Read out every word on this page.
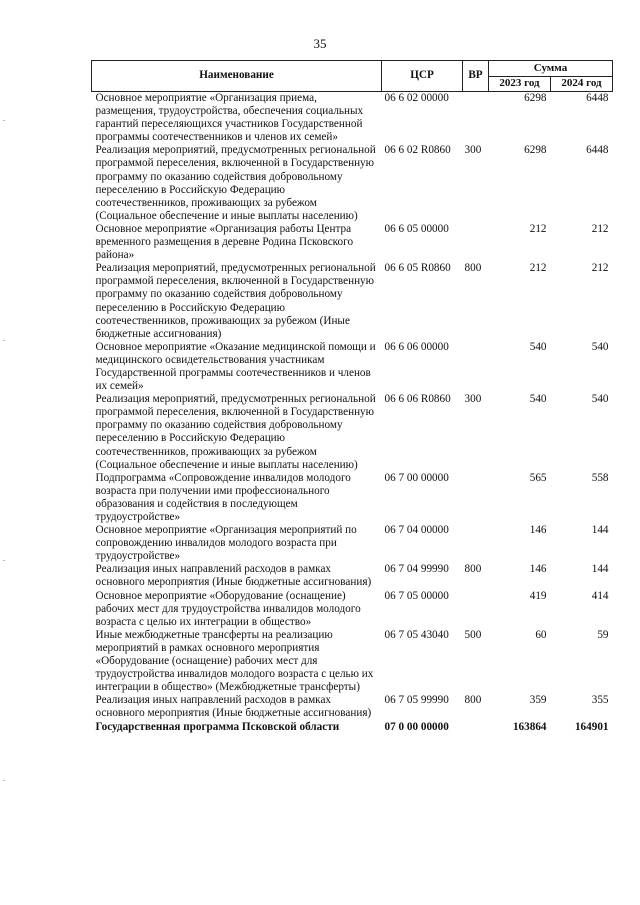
35
Наименование	ЦСР	ВР	Сумма	
			2023 год	2024 год
Основное мероприятие «Организация приема, размещения, трудоустройства, обеспечения социальных гарантий переселяющихся участников Государственной программы соотечественников и членов их семей»	06 6 02 00000		6298	6448
Реализация мероприятий, предусмотренных региональной программой переселения, включенной в Государственную программу по оказанию содействия добровольному переселению в Российскую Федерацию соотечественников, проживающих за рубежом (Социальное обеспечение и иные выплаты населению)	06 6 02 R0860	300	6298	6448
Основное мероприятие «Организация работы Центра временного размещения в деревне Родина Псковского района»	06 6 05 00000		212	212
Реализация мероприятий, предусмотренных региональной программой переселения, включенной в Государственную программу по оказанию содействия добровольному переселению в Российскую Федерацию соотечественников, проживающих за рубежом (Иные бюджетные ассигнования)	06 6 05 R0860	800	212	212
Основное мероприятие «Оказание медицинской помощи и медицинского освидетельствования участникам Государственной программы соотечественников и членов их семей»	06 6 06 00000		540	540
Реализация мероприятий, предусмотренных региональной программой переселения, включенной в Государственную программу по оказанию содействия добровольному переселению в Российскую Федерацию соотечественников, проживающих за рубежом (Социальное обеспечение и иные выплаты населению)	06 6 06 R0860	300	540	540
Подпрограмма «Сопровождение инвалидов молодого возраста при получении ими профессионального образования и содействия в последующем трудоустройстве»	06 7 00 00000		565	558
Основное мероприятие «Организация мероприятий по сопровождению инвалидов молодого возраста при трудоустройстве»	06 7 04 00000		146	144
Реализация иных направлений расходов в рамках основного мероприятия (Иные бюджетные ассигнования)	06 7 04 99990	800	146	144
Основное мероприятие «Оборудование (оснащение) рабочих мест для трудоустройства инвалидов молодого возраста с целью их интеграции в общество»	06 7 05 00000		419	414
Иные межбюджетные трансферты на реализацию мероприятий в рамках основного мероприятия «Оборудование (оснащение) рабочих мест для трудоустройства инвалидов молодого возраста с целью их интеграции в общество» (Межбюджетные трансферты)	06 7 05 43040	500	60	59
Реализация иных направлений расходов в рамках основного мероприятия (Иные бюджетные ассигнования)	06 7 05 99990	800	359	355
Государственная программа Псковской области	07 0 00 00000		163864	164901
